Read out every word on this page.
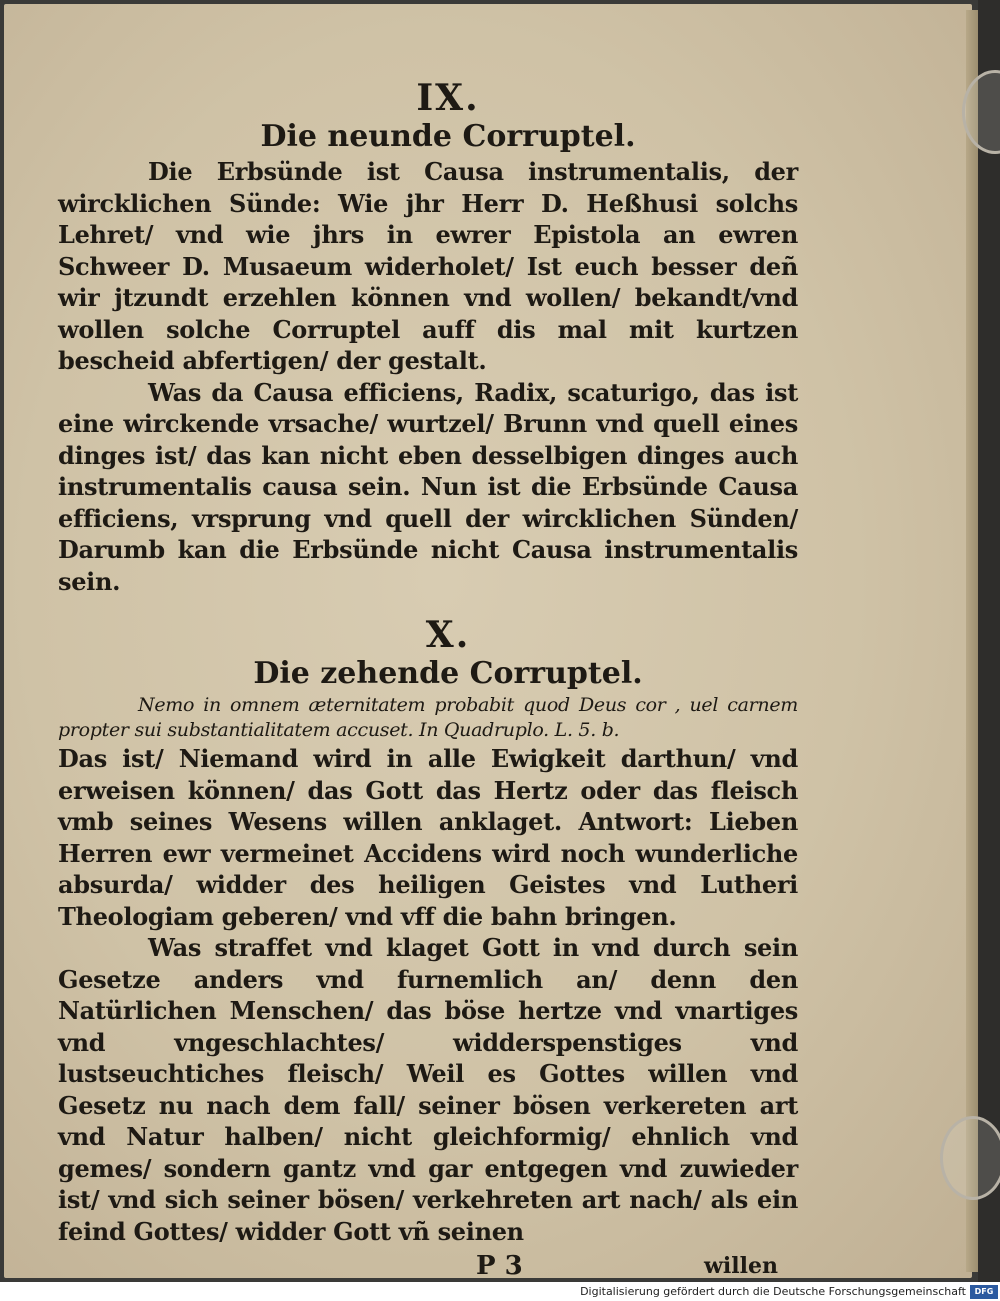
IX.
Die neunde Corruptel.

Die Erbsünde ist Causa instrumentalis, der wircklichen Sünde: Wie jhr Herr D. Heßhusi solchs Lehret/ vnd wie jhrs in ewrer Epistola an ewren Schweer D. Musaeum widerholet/ Ist euch besser deñ wir jtzundt erzehlen können vnd wollen/ bekandt/vnd wollen solche Corruptel auff dis mal mit kurtzen bescheid abfertigen/ der gestalt.

Was da Causa efficiens, Radix, scaturigo, das ist eine wirckende vrsache/ wurtzel/ Brunn vnd quell eines dinges ist/ das kan nicht eben desselbigen dinges auch instrumentalis causa sein. Nun ist die Erbsünde Causa efficiens, vrsprung vnd quell der wircklichen Sünden/ Darumb kan die Erbsünde nicht Causa instrumentalis sein.

X.
Die zehende Corruptel.

Nemo in omnem æternitatem probabit quod Deus cor , uel carnem propter sui substantialitatem accuset. In Quadruplo. L. 5. b.

Das ist/ Niemand wird in alle Ewigkeit darthun/ vnd erweisen können/ das Gott das Hertz oder das fleisch vmb seines Wesens willen anklaget. Antwort: Lieben Herren ewr vermeinet Accidens wird noch wunderliche absurda/ widder des heiligen Geistes vnd Lutheri Theologiam geberen/ vnd vff die bahn bringen.

Was straffet vnd klaget Gott in vnd durch sein Gesetze anders vnd furnemlich an/ denn den Natürlichen Menschen/ das böse hertze vnd vnartiges vnd vngeschlachtes/ widderspenstiges vnd lustseuchtiches fleisch/ Weil es Gottes willen vnd Gesetz nu nach dem fall/ seiner bösen verkereten art vnd Natur halben/ nicht gleichformig/ ehnlich vnd gemes/ sondern gantz vnd gar entgegen vnd zuwieder ist/ vnd sich seiner bösen/ verkehreten art nach/ als ein feind Gottes/ widder Gott vñ seinen

P 3	willen
Digitalisierung gefördert durch die Deutsche Forschungsgemeinschaft	DFG
